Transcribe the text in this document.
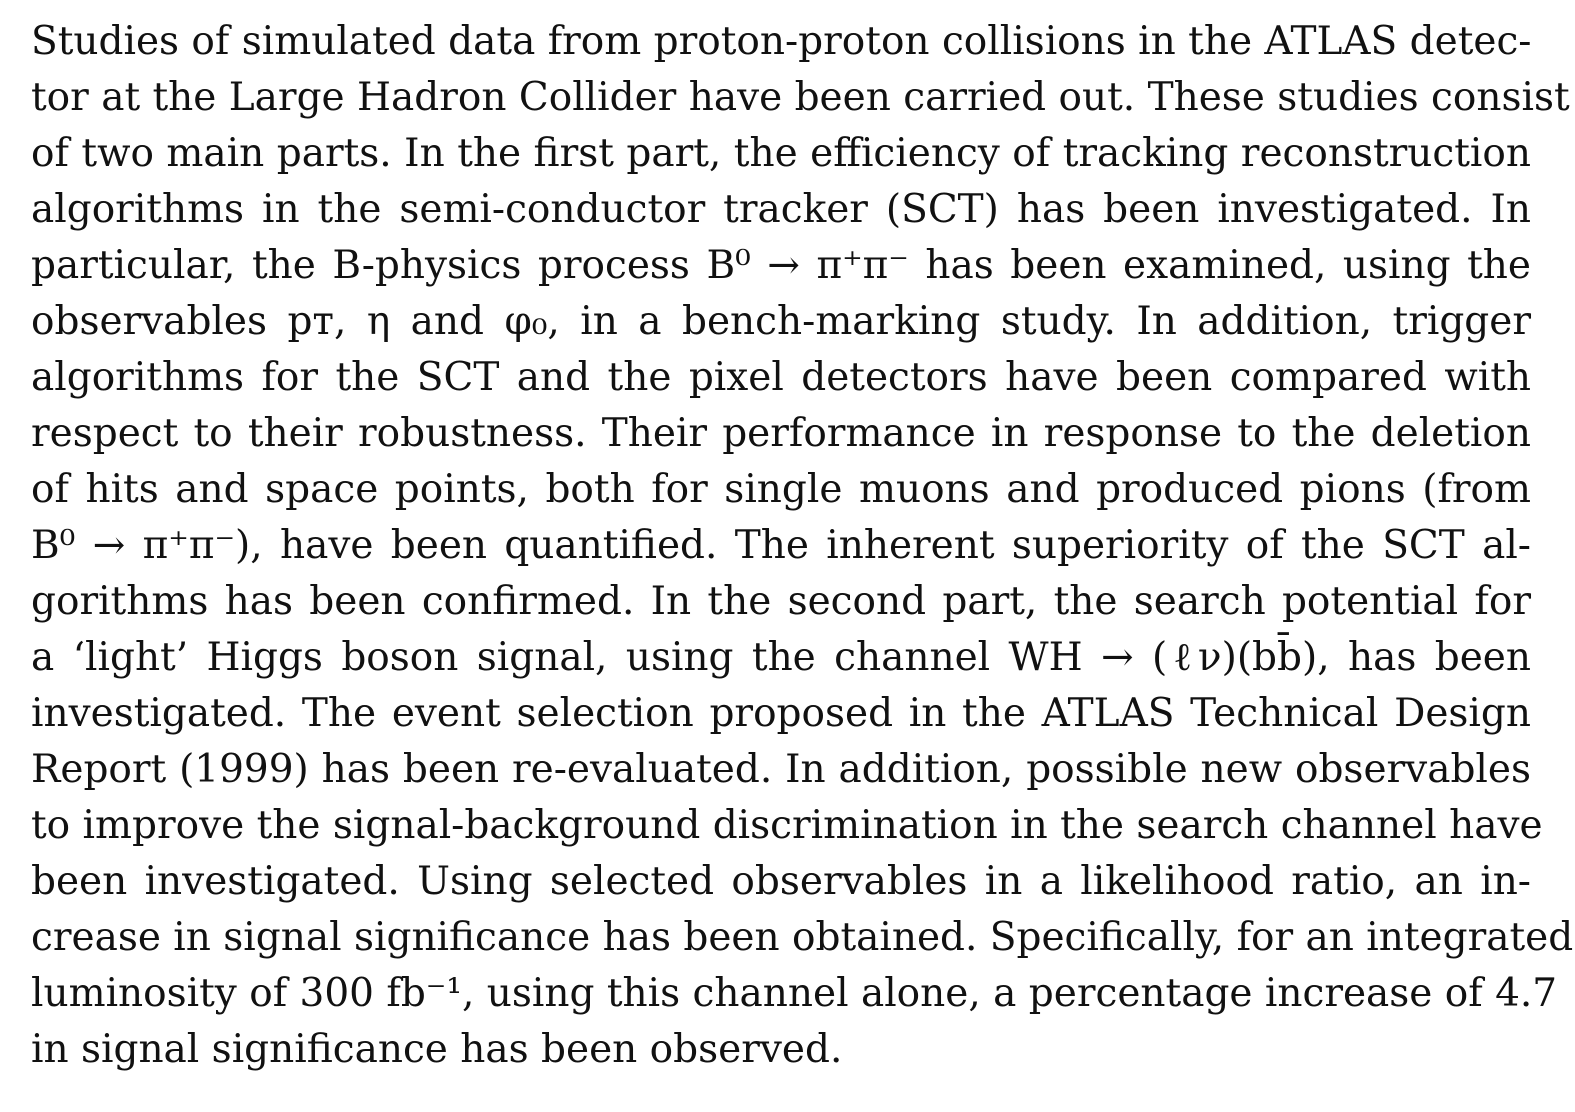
Studies of simulated data from proton-proton collisions in the ATLAS detec-
tor at the Large Hadron Collider have been carried out. These studies consist
of two main parts. In the first part, the efficiency of tracking reconstruction
algorithms in the semi-conductor tracker (SCT) has been investigated. In
particular, the B-physics process B⁰ → π⁺π⁻ has been examined, using the
observables pᴛ, η and φ₀, in a bench-marking study. In addition, trigger
algorithms for the SCT and the pixel detectors have been compared with
respect to their robustness. Their performance in response to the deletion
of hits and space points, both for single muons and produced pions (from
B⁰ → π⁺π⁻), have been quantified. The inherent superiority of the SCT al-
gorithms has been confirmed. In the second part, the search potential for
a ‘light’ Higgs boson signal, using the channel WH → (ℓν)(bb̄), has been
investigated. The event selection proposed in the ATLAS Technical Design
Report (1999) has been re-evaluated. In addition, possible new observables
to improve the signal-background discrimination in the search channel have
been investigated. Using selected observables in a likelihood ratio, an in-
crease in signal significance has been obtained. Specifically, for an integrated
luminosity of 300 fb⁻¹, using this channel alone, a percentage increase of 4.7
in signal significance has been observed.
